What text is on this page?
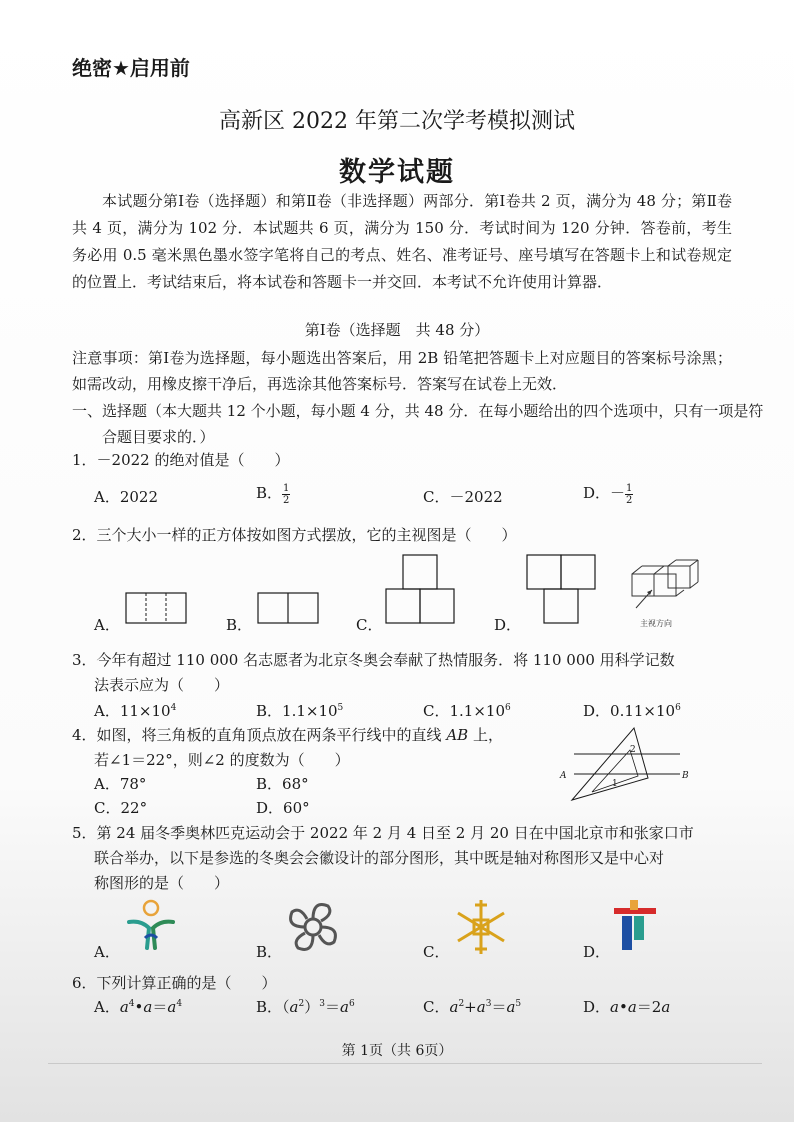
绝密★启用前
高新区 2022 年第二次学考模拟测试
数学试题
本试题分第Ⅰ卷（选择题）和第Ⅱ卷（非选择题）两部分．第Ⅰ卷共 2 页，满分为 48 分；第Ⅱ卷共 4 页，满分为 102 分．本试题共 6 页，满分为 150 分．考试时间为 120 分钟．答卷前，考生务必用 0.5 毫米黑色墨水签字笔将自己的考点、姓名、准考证号、座号填写在答题卡上和试卷规定的位置上．考试结束后，将本试卷和答题卡一并交回．本考试不允许使用计算器．
第Ⅰ卷（选择题　共 48 分）
注意事项：第Ⅰ卷为选择题，每小题选出答案后，用 2B 铅笔把答题卡上对应题目的答案标号涂黑；如需改动，用橡皮擦干净后，再选涂其他答案标号．答案写在试卷上无效．
一、选择题（本大题共 12 个小题，每小题 4 分，共 48 分．在每小题给出的四个选项中，只有一项是符合题目要求的．）
1．－2022 的绝对值是（　　）
A．2022	B． $\frac{1}{2}$	C．－2022	D．－ $\frac{1}{2}$
2．三个大小一样的正方体按如图方式摆放，它的主视图是（　　）
A．	B．	C．	D．	主视方向
3．今年有超过 110 000 名志愿者为北京冬奥会奉献了热情服务．将 110 000 用科学记数
法表示应为（　　）
A．$11\times 10^4$	B．$1.1\times 10^5$	C．$1.1\times 10^6$	D．$0.11\times 10^6$
4．如图，将三角板的直角顶点放在两条平行线中的直线 AB 上，
若∠1＝22°，则∠2 的度数为（　　）
A．78°	B．68°
C．22°	D．60°
A	B
2
1
5．第 24 届冬季奥林匹克运动会于 2022 年 2 月 4 日至 2 月 20 日在中国北京市和张家口市
联合举办，以下是参选的冬奥会会徽设计的部分图形，其中既是轴对称图形又是中心对
称图形的是（　　）
A．	B．	C．	D．
6．下列计算正确的是（　　）
A．$a^4•a=a^4$	B．$(a^2)^3=a^6$	C．$a^2+a^3=a^5$	D．a•a＝2a
第 1页（共 6页）
